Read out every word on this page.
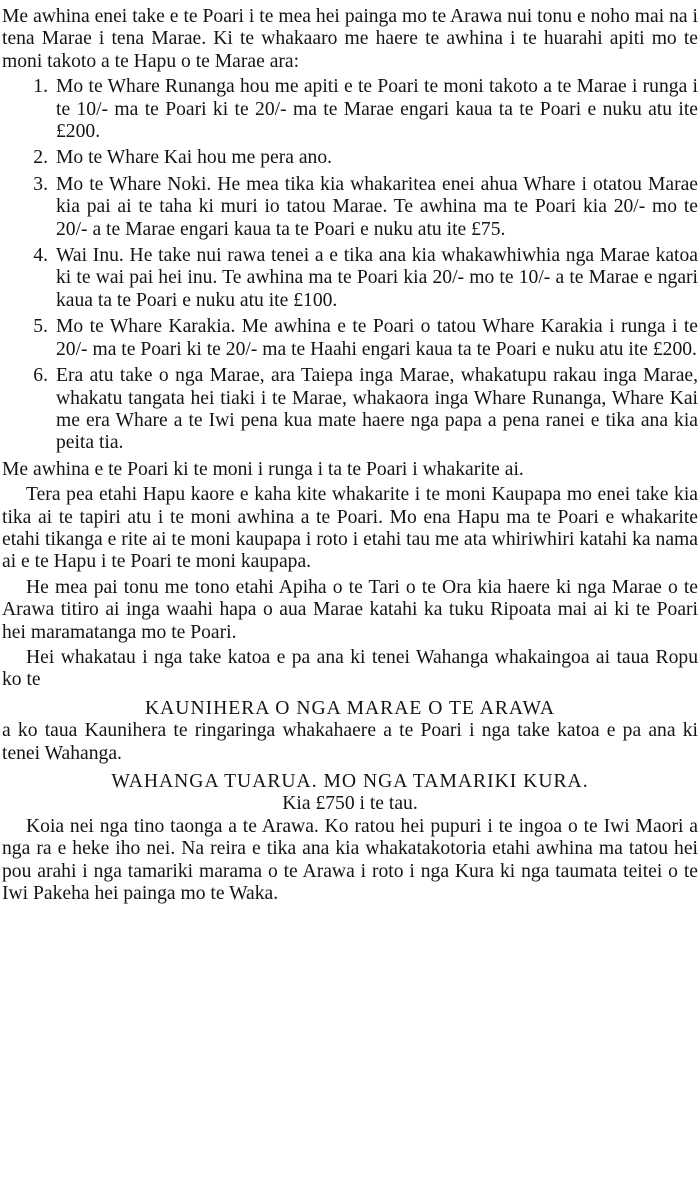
Me awhina enei take e te Poari i te mea hei painga mo te Arawa nui tonu e noho mai na i tena Marae i tena Marae. Ki te whakaaro me haere te awhina i te huarahi apiti mo te moni takoto a te Hapu o te Marae ara:

1. Mo te Whare Runanga hou me apiti e te Poari te moni takoto a te Marae i runga i te 10/- ma te Poari ki te 20/- ma te Marae engari kaua ta te Poari e nuku atu ite £200.
2. Mo te Whare Kai hou me pera ano.
3. Mo te Whare Noki. He mea tika kia whakaritea enei ahua Whare i otatou Marae kia pai ai te taha ki muri io tatou Marae. Te awhina ma te Poari kia 20/- mo te 20/- a te Marae engari kaua ta te Poari e nuku atu ite £75.
4. Wai Inu. He take nui rawa tenei a e tika ana kia whakawhiwhia nga Marae katoa ki te wai pai hei inu. Te awhina ma te Poari kia 20/- mo te 10/- a te Marae e ngari kaua ta te Poari e nuku atu ite £100.
5. Mo te Whare Karakia. Me awhina e te Poari o tatou Whare Karakia i runga i te 20/- ma te Poari ki te 20/- ma te Haahi engari kaua ta te Poari e nuku atu ite £200.
6. Era atu take o nga Marae, ara Taiepa inga Marae, whakatupu rakau inga Marae, whakatu tangata hei tiaki i te Marae, whakaora inga Whare Runanga, Whare Kai me era Whare a te Iwi pena kua mate haere nga papa a pena ranei e tika ana kia peita tia.

Me awhina e te Poari ki te moni i runga i ta te Poari i whakarite ai.

Tera pea etahi Hapu kaore e kaha kite whakarite i te moni Kaupapa mo enei take kia tika ai te tapiri atu i te moni awhina a te Poari. Mo ena Hapu ma te Poari e whakarite etahi tikanga e rite ai te moni kaupapa i roto i etahi tau me ata whiriwhiri katahi ka nama ai e te Hapu i te Poari te moni kaupapa.

He mea pai tonu me tono etahi Apiha o te Tari o te Ora kia haere ki nga Marae o te Arawa titiro ai inga waahi hapa o aua Marae katahi ka tuku Ripoata mai ai ki te Poari hei maramatanga mo te Poari.

Hei whakatau i nga take katoa e pa ana ki tenei Wahanga whakaingoa ai taua Ropu ko te

KAUNIHERA O NGA MARAE O TE ARAWA

a ko taua Kaunihera te ringaringa whakahaere a te Poari i nga take katoa e pa ana ki tenei Wahanga.

WAHANGA TUARUA. MO NGA TAMARIKI KURA.
Kia £750 i te tau.

Koia nei nga tino taonga a te Arawa. Ko ratou hei pupuri i te ingoa o te Iwi Maori a nga ra e heke iho nei. Na reira e tika ana kia whakatakotoria etahi awhina ma tatou hei pou arahi i nga tamariki marama o te Arawa i roto i nga Kura ki nga taumata teitei o te Iwi Pakeha hei painga mo te Waka.
